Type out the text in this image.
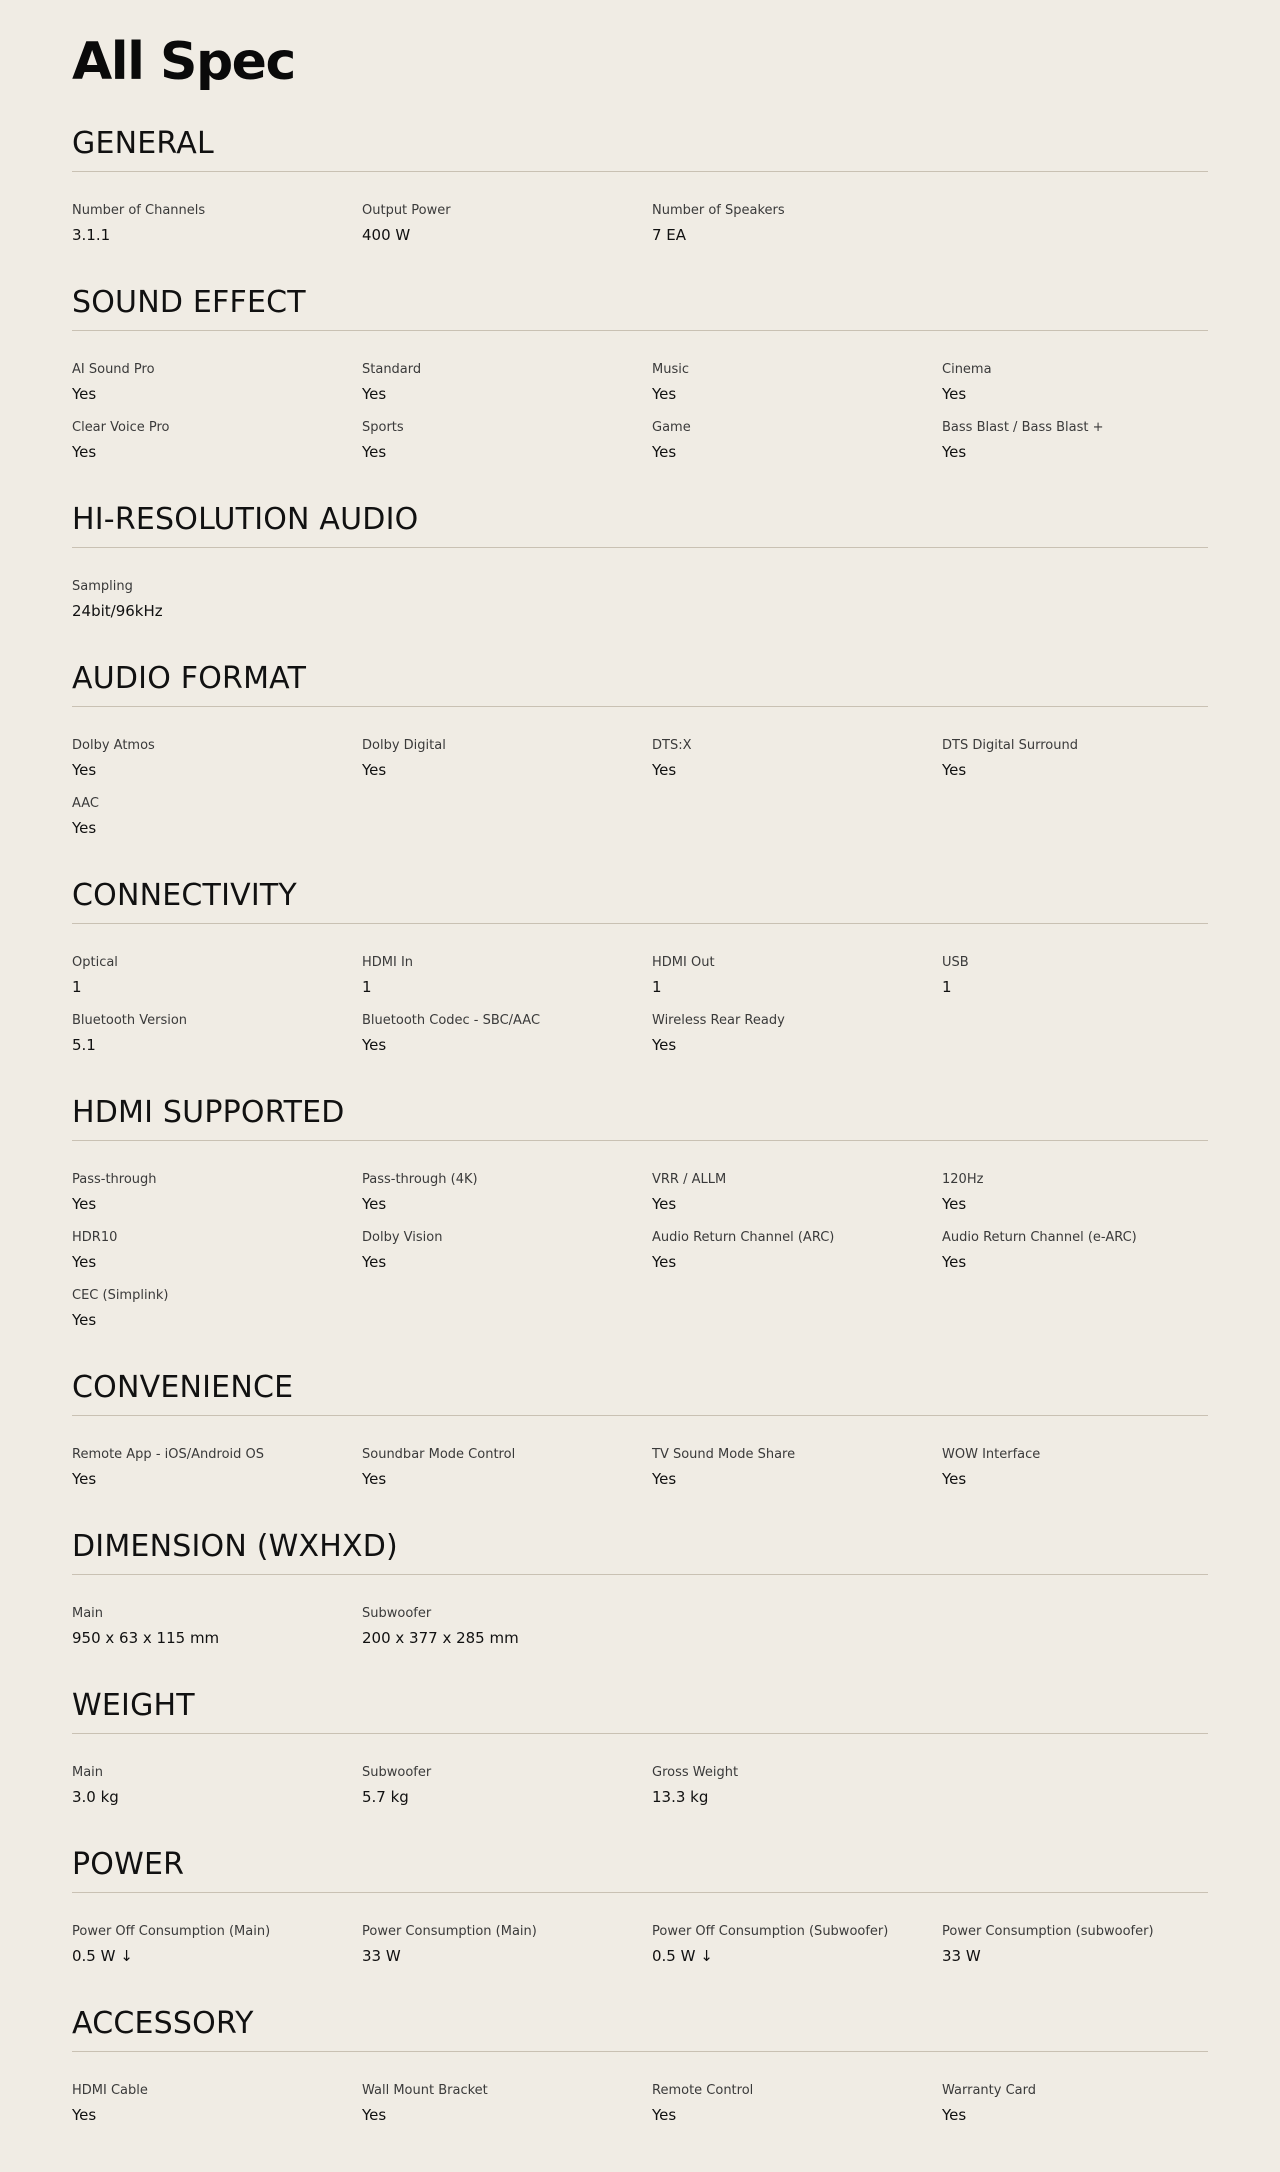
All Spec
GENERAL
Number of Channels
3.1.1
Output Power
400 W
Number of Speakers
7 EA
SOUND EFFECT
AI Sound Pro
Yes
Standard
Yes
Music
Yes
Cinema
Yes
Clear Voice Pro
Yes
Sports
Yes
Game
Yes
Bass Blast / Bass Blast +
Yes
HI-RESOLUTION AUDIO
Sampling
24bit/96kHz
AUDIO FORMAT
Dolby Atmos
Yes
Dolby Digital
Yes
DTS:X
Yes
DTS Digital Surround
Yes
AAC
Yes
CONNECTIVITY
Optical
1
HDMI In
1
HDMI Out
1
USB
1
Bluetooth Version
5.1
Bluetooth Codec - SBC/AAC
Yes
Wireless Rear Ready
Yes
HDMI SUPPORTED
Pass-through
Yes
Pass-through (4K)
Yes
VRR / ALLM
Yes
120Hz
Yes
HDR10
Yes
Dolby Vision
Yes
Audio Return Channel (ARC)
Yes
Audio Return Channel (e-ARC)
Yes
CEC (Simplink)
Yes
CONVENIENCE
Remote App - iOS/Android OS
Yes
Soundbar Mode Control
Yes
TV Sound Mode Share
Yes
WOW Interface
Yes
DIMENSION (WXHXD)
Main
950 x 63 x 115 mm
Subwoofer
200 x 377 x 285 mm
WEIGHT
Main
3.0 kg
Subwoofer
5.7 kg
Gross Weight
13.3 kg
POWER
Power Off Consumption (Main)
0.5 W ↓
Power Consumption (Main)
33 W
Power Off Consumption (Subwoofer)
0.5 W ↓
Power Consumption (subwoofer)
33 W
ACCESSORY
HDMI Cable
Yes
Wall Mount Bracket
Yes
Remote Control
Yes
Warranty Card
Yes
